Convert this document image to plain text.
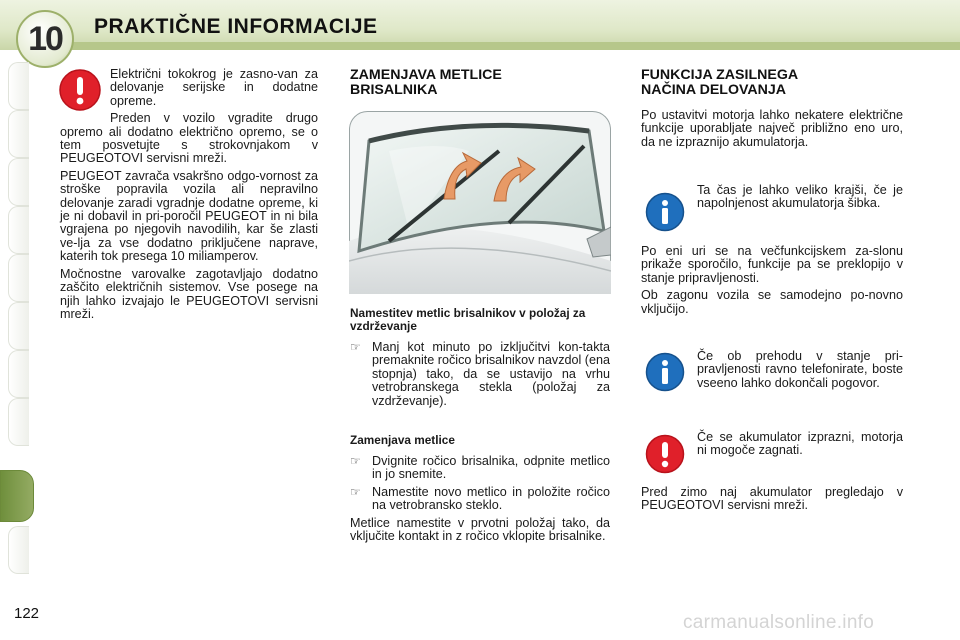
10	PRAKTIČNE INFORMACIJE

Električni tokokrog je zasno-van za delovanje serijske in dodatne opreme.

Preden v vozilo vgradite drugo opremo ali dodatno električno opremo, se o tem posvetujte s strokovnjakom v PEUGEOTOVI servisni mreži.

PEUGEOT zavrača vsakršno odgo-vornost za stroške popravila vozila ali nepravilno delovanje zaradi vgradnje dodatne opreme, ki je ni dobavil in pri-poročil PEUGEOT in ni bila vgrajena po njegovih navodilih, kar še zlasti ve-lja za vse dodatno priključene naprave, katerih tok presega 10 miliamperov.

Močnostne varovalke zagotavljajo dodatno zaščito električnih sistemov. Vse posege na njih lahko izvajajo le PEUGEOTOVI servisni mreži.

ZAMENJAVA METLICE BRISALNIKA
Namestitev metlic brisalnikov v položaj za vzdrževanje
☞ Manj kot minuto po izključitvi kon-takta premaknite ročico brisalnikov navzdol (ena stopnja) tako, da se ustavijo na vrhu vetrobranskega stekla (položaj za vzdrževanje).
Zamenjava metlice
☞ Dvignite ročico brisalnika, odpnite metlico in jo snemite.
☞ Namestite novo metlico in položite ročico na vetrobransko steklo.

Metlice namestite v prvotni položaj tako, da vključite kontakt in z ročico vklopite brisalnike.

FUNKCIJA ZASILNEGA NAČINA DELOVANJA

Po ustavitvi motorja lahko nekatere električne funkcije uporabljate največ približno eno uro, da ne izpraznijo akumulatorja.

Ta čas je lahko veliko krajši, če je napolnjenost akumulatorja šibka.

Po eni uri se na večfunkcijskem za-slonu prikaže sporočilo, funkcije pa se preklopijo v stanje pripravljenosti.

Ob zagonu vozila se samodejno po-novno vključijo.

Če ob prehodu v stanje pri-pravljenosti ravno telefonirate, boste vseeno lahko dokončali pogovor.

Če se akumulator izprazni, motorja ni mogoče zagnati.

Pred zimo naj akumulator pregledajo v PEUGEOTOVI servisni mreži.

122	carmanualsonline.info
